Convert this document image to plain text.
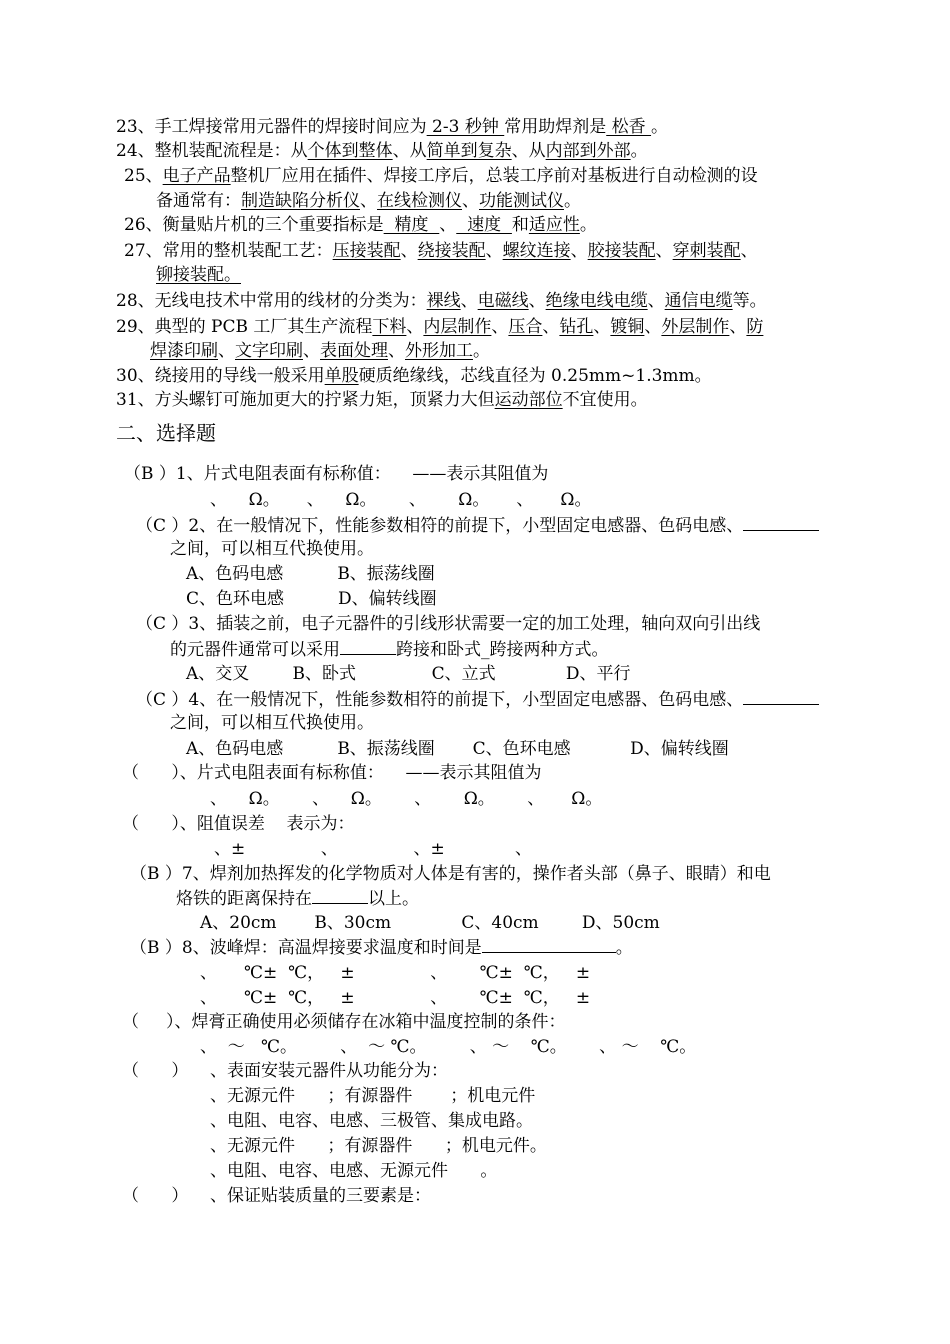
23、手工焊接常用元器件的焊接时间应为 2-3 秒钟 常用助焊剂是 松香 。
24、整机装配流程是：从个体到整体、从简单到复杂、从内部到外部。
25、电子产品整机厂应用在插件、焊接工序后，总装工序前对基板进行自动检测的设
备通常有：制造缺陷分析仪、在线检测仪、功能测试仪。
26、衡量贴片机的三个重要指标是  精度  、  速度  和适应性。
27、常用的整机装配工艺：压接装配、绕接装配、螺纹连接、胶接装配、穿刺装配、
铆接装配。
28、无线电技术中常用的线材的分类为：裸线、电磁线、绝缘电线电缆、通信电缆等。
29、典型的 PCB 工厂其生产流程下料、内层制作、压合、钻孔、镀铜、外层制作、防
焊漆印刷、文字印刷、表面处理、外形加工。
30、绕接用的导线一般采用单股硬质绝缘线，芯线直径为 0.25mm~1.3mm。
31、方头螺钉可施加更大的拧紧力矩，顶紧力大但运动部位不宜使用。
二、选择题
（B ）1、片式电阻表面有标称值：    ——表示其阻值为
、    Ω。     、    Ω。      、      Ω。     、     Ω。
（C ）2、在一般情况下，性能参数相符的前提下，小型固定电感器、色码电感、
之间，可以相互代换使用。
A、色码电感          B、振荡线圈
C、色环电感          D、偏转线圈
（C ）3、插装之前，电子元器件的引线形状需要一定的加工处理，轴向双向引出线
的元器件通常可以采用	跨接和卧式_跨接两种方式。
A、交叉        B、卧式              C、立式             D、平行
（C ）4、在一般情况下，性能参数相符的前提下，小型固定电感器、色码电感、
之间，可以相互代换使用。
A、色码电感          B、振荡线圈       C、色环电感           D、偏转线圈
（      ）、片式电阻表面有标称值：    ——表示其阻值为
、    Ω。      、    Ω。      、      Ω。      、     Ω。
（      ）、阻值误差    表示为：
、±              、              、±             、
（B ）7、焊剂加热挥发的化学物质对人体是有害的，操作者头部（鼻子、眼睛）和电
烙铁的距离保持在	以上。
A、20cm       B、30cm             C、40cm        D、50cm
（B ）8、波峰焊：高温焊接要求温度和时间是	。
、     ℃±  ℃，   ±              、      ℃±  ℃，   ±
、     ℃±  ℃，   ±              、      ℃±  ℃，   ±
（     ）、焊膏正确使用必须储存在冰箱中温度控制的条件：
、  ～   ℃。        、  ～ ℃。        、 ～    ℃。      、 ～    ℃。
（      ）    、表面安装元器件从功能分为：
、无源元件      ；有源器件       ；机电元件
、电阻、电容、电感、三极管、集成电路。
、无源元件      ；有源器件      ；机电元件。
、电阻、电容、电感、无源元件      。
（      ）    、保证贴装质量的三要素是：
